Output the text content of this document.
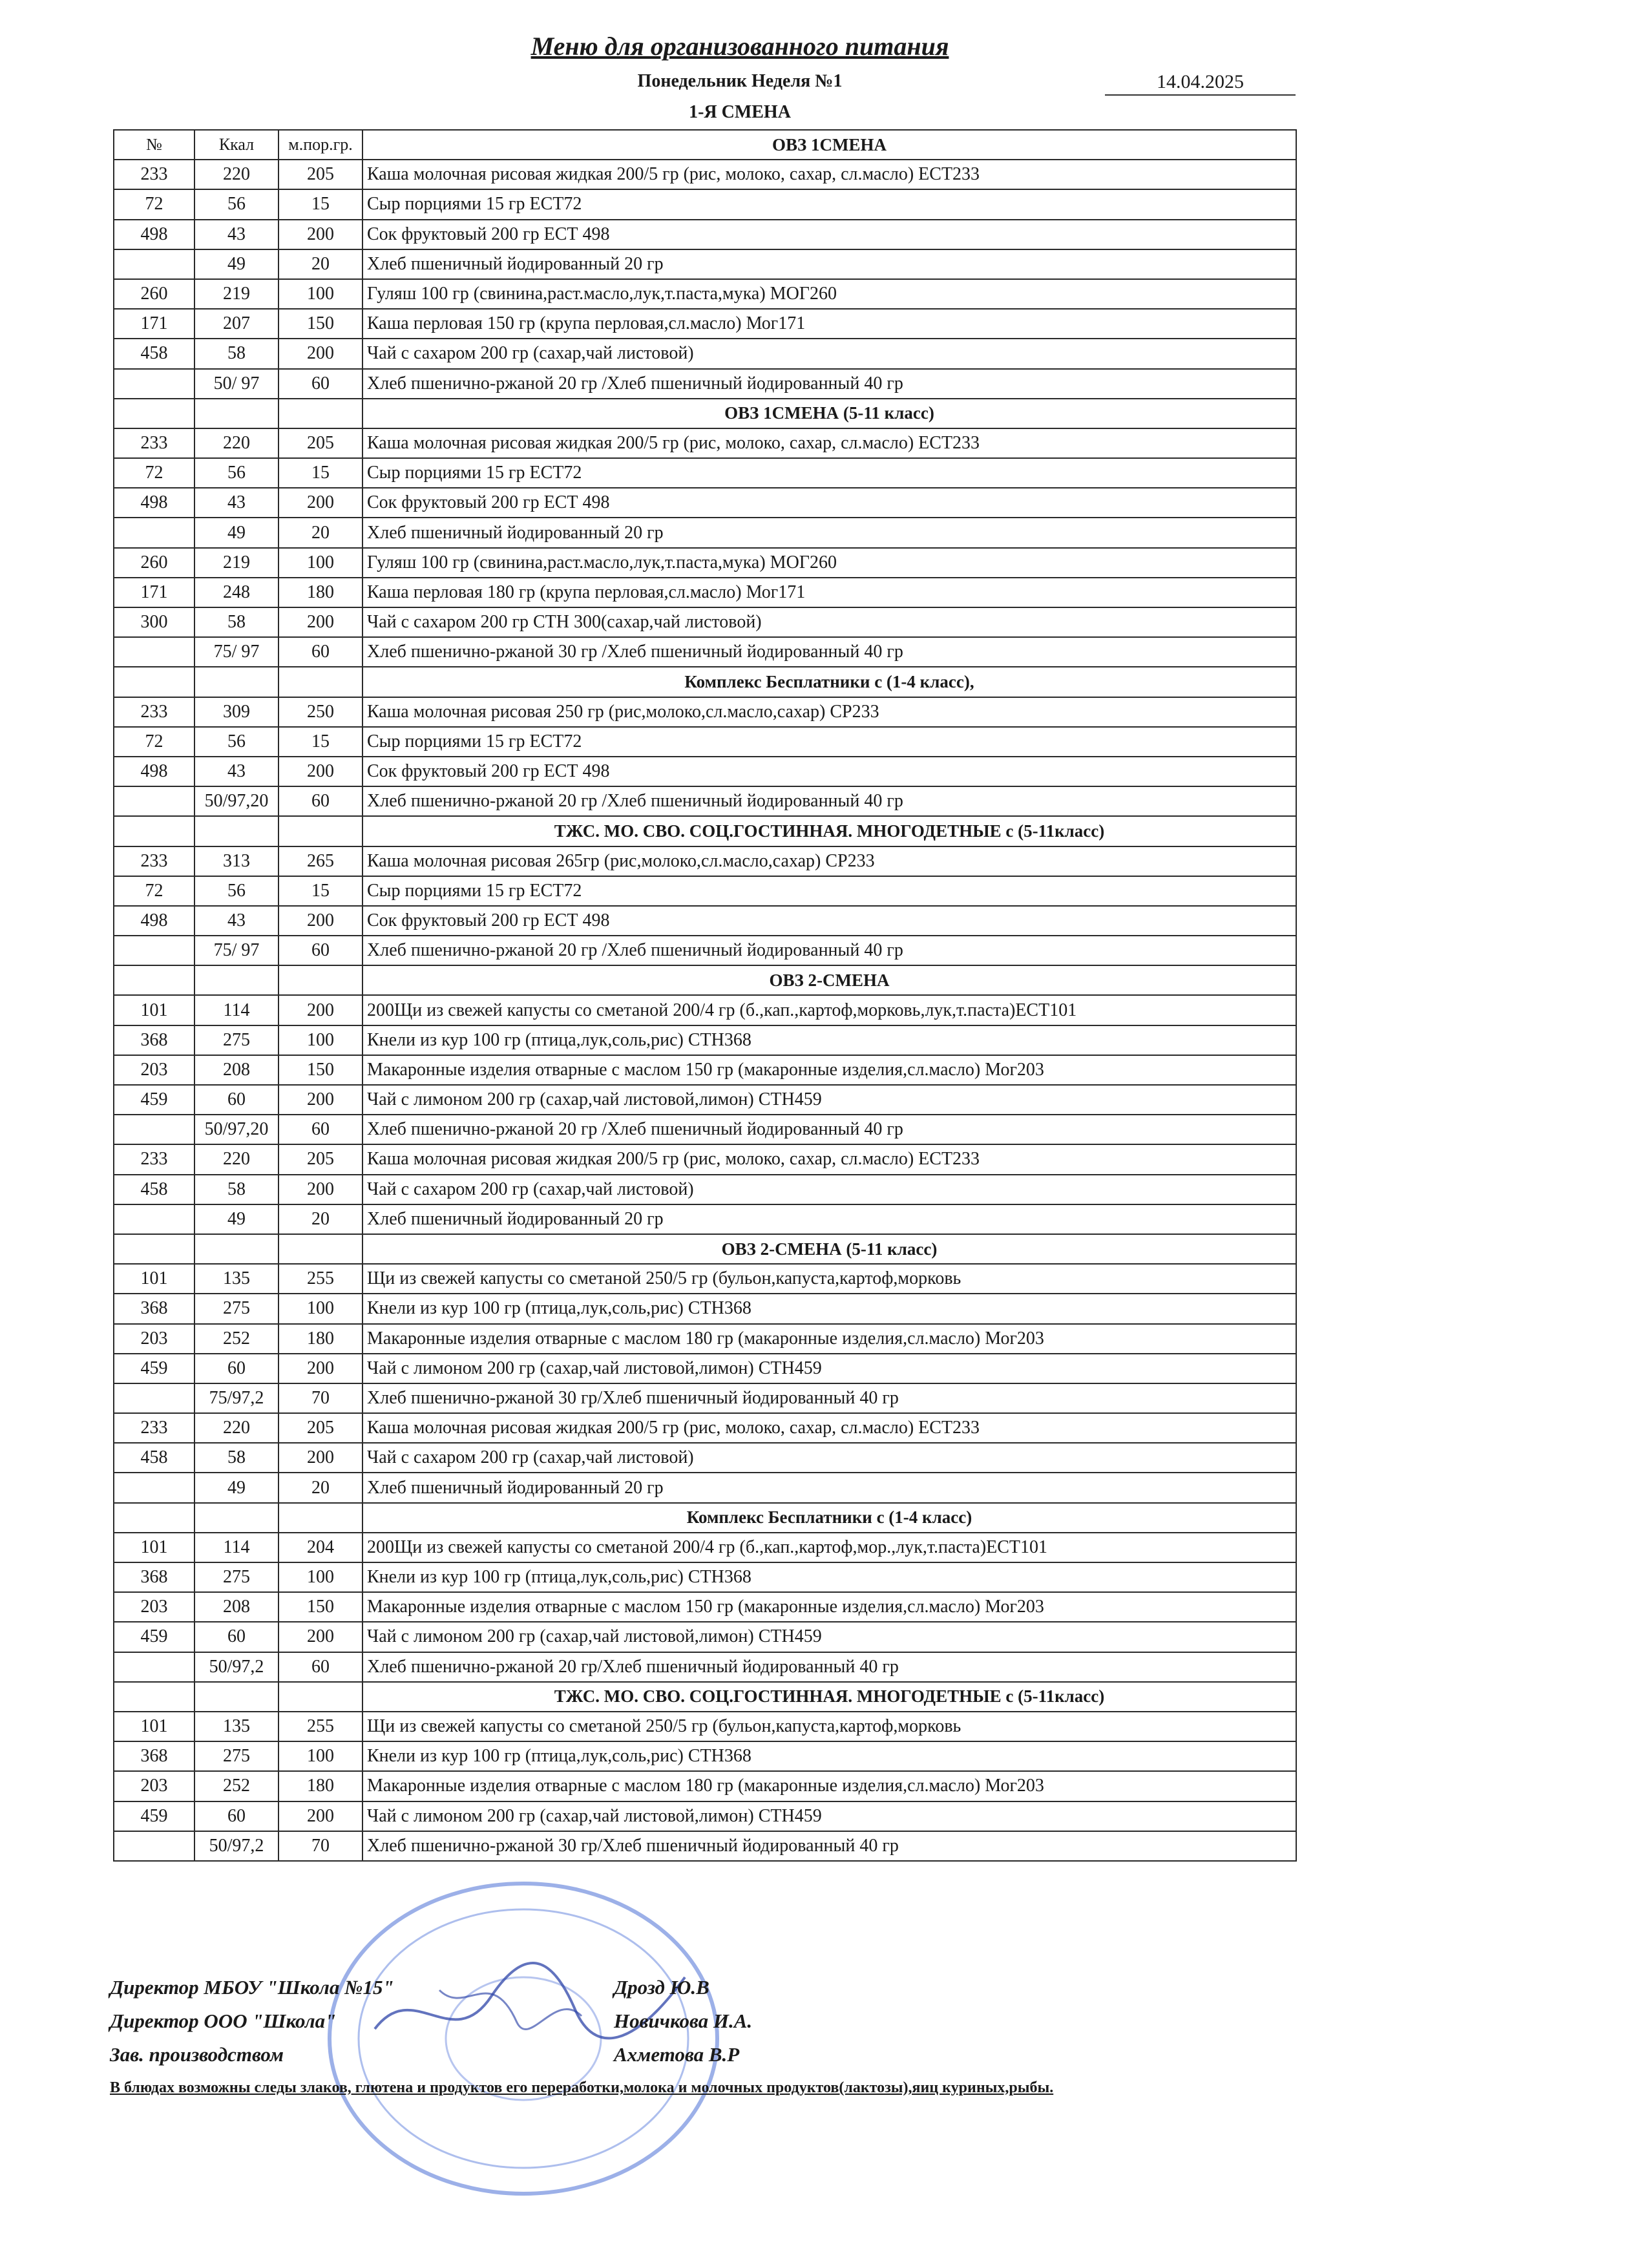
Меню для организованного питания
Понедельник Неделя №1	14.04.2025
1-Я СМЕНА
№	Ккал	м.пор.гр.	ОВЗ 1СМЕНА
233	220	205	Каша молочная рисовая жидкая 200/5 гр (рис, молоко, сахар, сл.масло) ЕСТ233
72	56	15	Сыр порциями 15 гр ЕСТ72
498	43	200	Сок фруктовый 200 гр ЕСТ 498
	49	20	Хлеб пшеничный йодированный 20 гр
260	219	100	Гуляш 100 гр (свинина,раст.масло,лук,т.паста,мука) МОГ260
171	207	150	Каша перловая 150 гр (крупа перловая,сл.масло) Мог171
458	58	200	Чай с сахаром 200 гр (сахар,чай листовой)
	50/ 97	60	Хлеб пшенично-ржаной 20 гр /Хлеб пшеничный йодированный 40 гр
			ОВЗ 1СМЕНА (5-11 класс)
233	220	205	Каша молочная рисовая жидкая 200/5 гр (рис, молоко, сахар, сл.масло) ЕСТ233
72	56	15	Сыр порциями 15 гр ЕСТ72
498	43	200	Сок фруктовый 200 гр ЕСТ 498
	49	20	Хлеб пшеничный йодированный 20 гр
260	219	100	Гуляш 100 гр (свинина,раст.масло,лук,т.паста,мука) МОГ260
171	248	180	Каша перловая 180 гр (крупа перловая,сл.масло) Мог171
300	58	200	Чай с сахаром 200 гр СТН 300(сахар,чай листовой)
	75/ 97	60	Хлеб пшенично-ржаной 30 гр /Хлеб пшеничный йодированный 40 гр
			Комплекс Бесплатники с (1-4 класс),
233	309	250	Каша молочная рисовая 250 гр (рис,молоко,сл.масло,сахар) СР233
72	56	15	Сыр порциями 15 гр ЕСТ72
498	43	200	Сок фруктовый 200 гр ЕСТ 498
	50/97,20	60	Хлеб пшенично-ржаной 20 гр /Хлеб пшеничный йодированный 40 гр
			ТЖС. МО. СВО. СОЦ.ГОСТИННАЯ. МНОГОДЕТНЫЕ с (5-11класс)
233	313	265	Каша молочная рисовая 265гр (рис,молоко,сл.масло,сахар) СР233
72	56	15	Сыр порциями 15 гр ЕСТ72
498	43	200	Сок фруктовый 200 гр ЕСТ 498
	75/ 97	60	Хлеб пшенично-ржаной 20 гр /Хлеб пшеничный йодированный 40 гр
			ОВЗ 2-СМЕНА
101	114	200	200Щи из свежей капусты со сметаной 200/4 гр (б.,кап.,картоф,морковь,лук,т.паста)ЕСТ101
368	275	100	Кнели из кур 100 гр (птица,лук,соль,рис) СТН368
203	208	150	Макаронные изделия отварные с маслом 150 гр (макаронные изделия,сл.масло) Мог203
459	60	200	Чай с лимоном 200 гр (сахар,чай листовой,лимон) СТН459
	50/97,20	60	Хлеб пшенично-ржаной 20 гр /Хлеб пшеничный йодированный 40 гр
233	220	205	Каша молочная рисовая жидкая 200/5 гр (рис, молоко, сахар, сл.масло) ЕСТ233
458	58	200	Чай с сахаром 200 гр (сахар,чай листовой)
	49	20	Хлеб пшеничный йодированный 20 гр
			ОВЗ 2-СМЕНА (5-11 класс)
101	135	255	Щи из свежей капусты со сметаной 250/5 гр (бульон,капуста,картоф,морковь
368	275	100	Кнели из кур 100 гр (птица,лук,соль,рис) СТН368
203	252	180	Макаронные изделия отварные с маслом 180 гр (макаронные изделия,сл.масло) Мог203
459	60	200	Чай с лимоном 200 гр (сахар,чай листовой,лимон) СТН459
	75/97,2	70	Хлеб пшенично-ржаной 30 гр/Хлеб пшеничный йодированный 40 гр
233	220	205	Каша молочная рисовая жидкая 200/5 гр (рис, молоко, сахар, сл.масло) ЕСТ233
458	58	200	Чай с сахаром 200 гр (сахар,чай листовой)
	49	20	Хлеб пшеничный йодированный 20 гр
			Комплекс Бесплатники с (1-4 класс)
101	114	204	200Щи из свежей капусты со сметаной 200/4 гр (б.,кап.,картоф,мор.,лук,т.паста)ЕСТ101
368	275	100	Кнели из кур 100 гр (птица,лук,соль,рис) СТН368
203	208	150	Макаронные изделия отварные с маслом 150 гр (макаронные изделия,сл.масло) Мог203
459	60	200	Чай с лимоном 200 гр (сахар,чай листовой,лимон) СТН459
	50/97,2	60	Хлеб пшенично-ржаной 20 гр/Хлеб пшеничный йодированный 40 гр
			ТЖС. МО. СВО. СОЦ.ГОСТИННАЯ. МНОГОДЕТНЫЕ с (5-11класс)
101	135	255	Щи из свежей капусты со сметаной 250/5 гр (бульон,капуста,картоф,морковь
368	275	100	Кнели из кур 100 гр (птица,лук,соль,рис) СТН368
203	252	180	Макаронные изделия отварные с маслом 180 гр (макаронные изделия,сл.масло) Мог203
459	60	200	Чай с лимоном 200 гр (сахар,чай листовой,лимон) СТН459
	50/97,2	70	Хлеб пшенично-ржаной 30 гр/Хлеб пшеничный йодированный 40 гр
Директор МБОУ "Школа №15"	Дрозд Ю.В
Директор ООО "Школа"	Новичкова И.А.
Зав. производством	Ахметова В.Р
В блюдах возможны следы злаков, глютена и продуктов его переработки,молока и молочных продуктов(лактозы),яиц куриных,рыбы.
